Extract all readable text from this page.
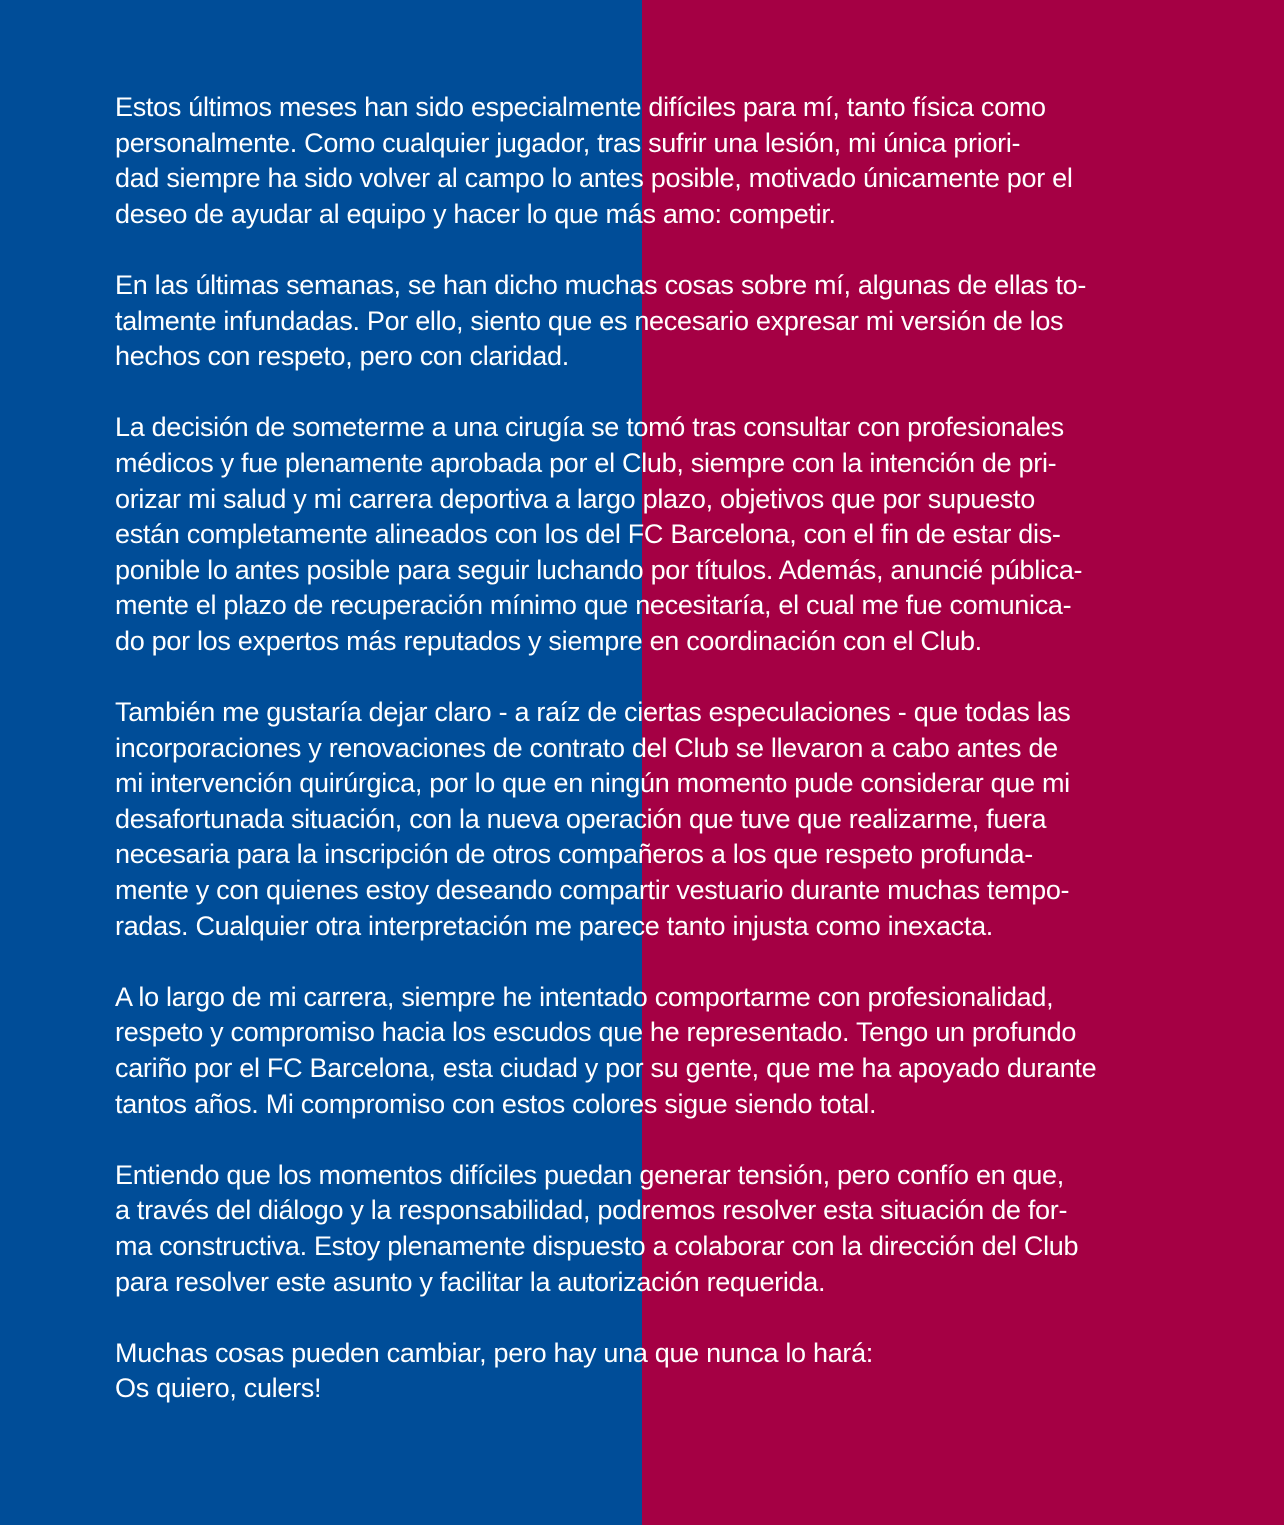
Estos últimos meses han sido especialmente difíciles para mí, tanto física como
personalmente. Como cualquier jugador, tras sufrir una lesión, mi única priori-
dad siempre ha sido volver al campo lo antes posible, motivado únicamente por el
deseo de ayudar al equipo y hacer lo que más amo: competir.

En las últimas semanas, se han dicho muchas cosas sobre mí, algunas de ellas to-
talmente infundadas. Por ello, siento que es necesario expresar mi versión de los
hechos con respeto, pero con claridad.

La decisión de someterme a una cirugía se tomó tras consultar con profesionales
médicos y fue plenamente aprobada por el Club, siempre con la intención de pri-
orizar mi salud y mi carrera deportiva a largo plazo, objetivos que por supuesto
están completamente alineados con los del FC Barcelona, con el fin de estar dis-
ponible lo antes posible para seguir luchando por títulos. Además, anuncié pública-
mente el plazo de recuperación mínimo que necesitaría, el cual me fue comunica-
do por los expertos más reputados y siempre en coordinación con el Club.

También me gustaría dejar claro - a raíz de ciertas especulaciones - que todas las
incorporaciones y renovaciones de contrato del Club se llevaron a cabo antes de
mi intervención quirúrgica, por lo que en ningún momento pude considerar que mi
desafortunada situación, con la nueva operación que tuve que realizarme, fuera
necesaria para la inscripción de otros compañeros a los que respeto profunda-
mente y con quienes estoy deseando compartir vestuario durante muchas tempo-
radas. Cualquier otra interpretación me parece tanto injusta como inexacta.

A lo largo de mi carrera, siempre he intentado comportarme con profesionalidad,
respeto y compromiso hacia los escudos que he representado. Tengo un profundo
cariño por el FC Barcelona, esta ciudad y por su gente, que me ha apoyado durante
tantos años. Mi compromiso con estos colores sigue siendo total.

Entiendo que los momentos difíciles puedan generar tensión, pero confío en que,
a través del diálogo y la responsabilidad, podremos resolver esta situación de for-
ma constructiva. Estoy plenamente dispuesto a colaborar con la dirección del Club
para resolver este asunto y facilitar la autorización requerida.

Muchas cosas pueden cambiar, pero hay una que nunca lo hará:
Os quiero, culers!
